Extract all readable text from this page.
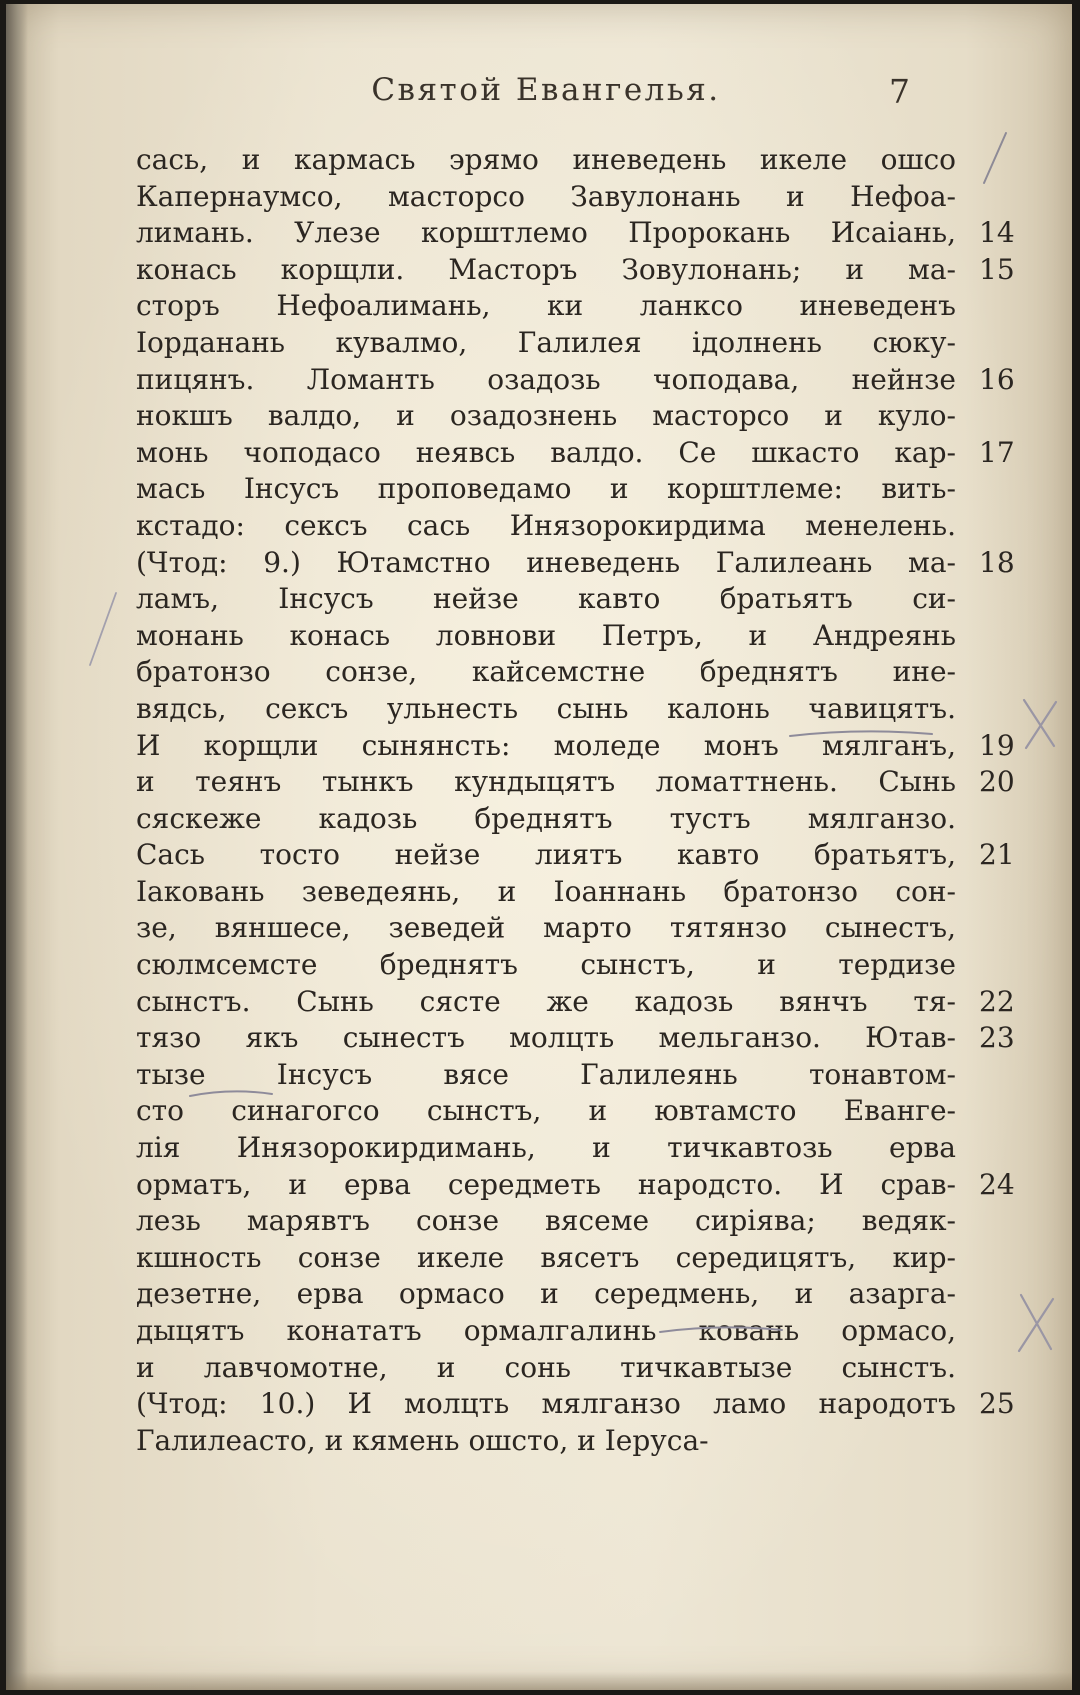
Святой Евангелья.	7
сась, и кармась эрямо иневедень икеле ошсо
Капернаумсо, масторсо Завулонань и Нефоа-
лимань. Улезе корштлемо Пророкань Исаіань, 14
конась корщли. Масторъ Зовулонань; и ма- 15
сторъ Нефоалимань, ки ланксо иневеденъ
Іорданань кувалмо, Галилея ідолнень сюку-
пицянъ. Ломанть озадозь чоподава, нейнзе 16
нокшъ валдо, и озадознень масторсо и куло-
монь чоподасо неявсь валдо. Се шкасто кар- 17
мась Інсусъ проповедамо и корштлеме: вить-
кстадо: сексъ сась Инязорокирдима менелень.
(Чтод: 9.) Ютамстно иневедень Галилеань ма- 18
ламъ, Інсусъ нейзе кавто братьятъ си-
монань конась ловнови Петръ, и Андреянь
братонзо сонзе, кайсемстне бреднятъ ине-
вядсь, сексъ ульнесть сынь калонь чавицятъ.
И корщли сынянсть: моледе монъ мялганъ, 19
и теянъ тынкъ кундыцятъ ломаттнень. Сынь 20
сяскеже кадозь бреднятъ тустъ мялганзо.
Сась тосто нейзе лиятъ кавто братьятъ, 21
Іаковань зеведеянь, и Іоаннань братонзо сон-
зе, вяншесе, зеведей марто тятянзо сынестъ,
сюлмсемсте бреднятъ сынстъ, и тердизе
сынстъ. Сынь сясте же кадозь вянчъ тя- 22
тязо якъ сынестъ молцть мельганзо. Ютав- 23
тызе Інсусъ вясе Галилеянь тонавтом-
сто синагогсо сынстъ, и ювтамсто Евангe-
лія Инязорокирдимань, и тичкавтозь ерва
орматъ, и ерва середметь народсто. И срав- 24
лезь марявтъ сонзе вясеме сиріява; ведяк-
кшность сонзе икеле вясетъ середицятъ, кир-
дезетне, ерва ормасо и середмень, и азарга-
дыцятъ конататъ ормалгалинь ковань ормасо,
и лавчомотне, и сонь тичкавтызе сынстъ.
(Чтод: 10.) И молцть мялганзо ламо народотъ 25
Галилеасто, и кямень ошсто, и Іеруса-
